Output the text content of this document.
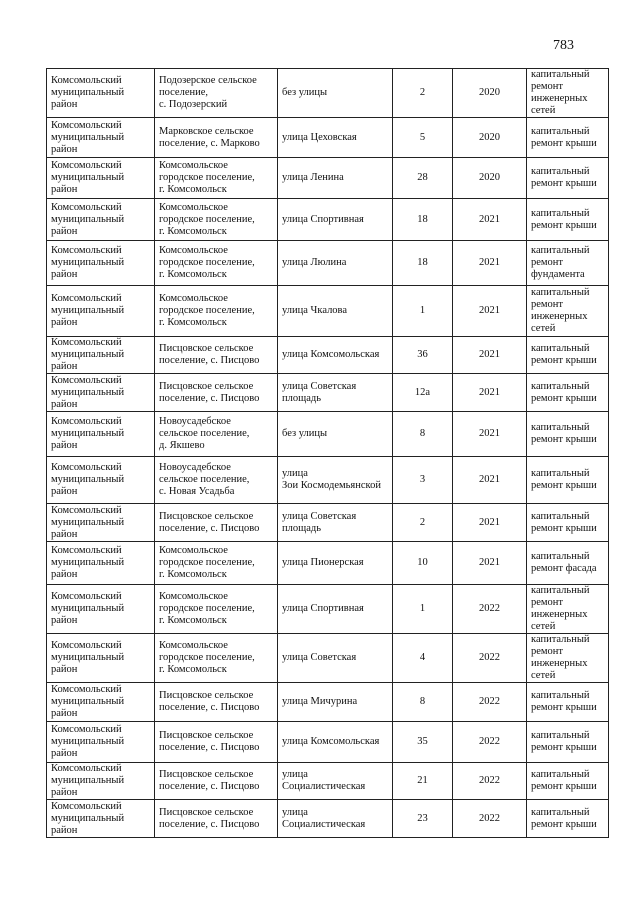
783
Комсомольский
муниципальный
район	Подозерское сельское
поселение,
с. Подозерский	без улицы	2	2020	капитальный
ремонт
инженерных
сетей
Комсомольский
муниципальный
район	Марковское сельское
поселение, с. Марково	улица Цеховская	5	2020	капитальный
ремонт крыши
Комсомольский
муниципальный
район	Комсомольское
городское поселение,
г. Комсомольск	улица Ленина	28	2020	капитальный
ремонт крыши
Комсомольский
муниципальный
район	Комсомольское
городское поселение,
г. Комсомольск	улица Спортивная	18	2021	капитальный
ремонт крыши
Комсомольский
муниципальный
район	Комсомольское
городское поселение,
г. Комсомольск	улица Люлина	18	2021	капитальный
ремонт
фундамента
Комсомольский
муниципальный
район	Комсомольское
городское поселение,
г. Комсомольск	улица Чкалова	1	2021	капитальный
ремонт
инженерных
сетей
Комсомольский
муниципальный
район	Писцовское сельское
поселение, с. Писцово	улица Комсомольская	36	2021	капитальный
ремонт крыши
Комсомольский
муниципальный
район	Писцовское сельское
поселение, с. Писцово	улица Советская
площадь	12а	2021	капитальный
ремонт крыши
Комсомольский
муниципальный
район	Новоусадебское
сельское поселение,
д. Якшево	без улицы	8	2021	капитальный
ремонт крыши
Комсомольский
муниципальный
район	Новоусадебское
сельское поселение,
с. Новая Усадьба	улица
Зои Космодемьянской	3	2021	капитальный
ремонт крыши
Комсомольский
муниципальный
район	Писцовское сельское
поселение, с. Писцово	улица Советская
площадь	2	2021	капитальный
ремонт крыши
Комсомольский
муниципальный
район	Комсомольское
городское поселение,
г. Комсомольск	улица Пионерская	10	2021	капитальный
ремонт фасада
Комсомольский
муниципальный
район	Комсомольское
городское поселение,
г. Комсомольск	улица Спортивная	1	2022	капитальный
ремонт
инженерных
сетей
Комсомольский
муниципальный
район	Комсомольское
городское поселение,
г. Комсомольск	улица Советская	4	2022	капитальный
ремонт
инженерных
сетей
Комсомольский
муниципальный
район	Писцовское сельское
поселение, с. Писцово	улица Мичурина	8	2022	капитальный
ремонт крыши
Комсомольский
муниципальный
район	Писцовское сельское
поселение, с. Писцово	улица Комсомольская	35	2022	капитальный
ремонт крыши
Комсомольский
муниципальный
район	Писцовское сельское
поселение, с. Писцово	улица
Социалистическая	21	2022	капитальный
ремонт крыши
Комсомольский
муниципальный
район	Писцовское сельское
поселение, с. Писцово	улица
Социалистическая	23	2022	капитальный
ремонт крыши
